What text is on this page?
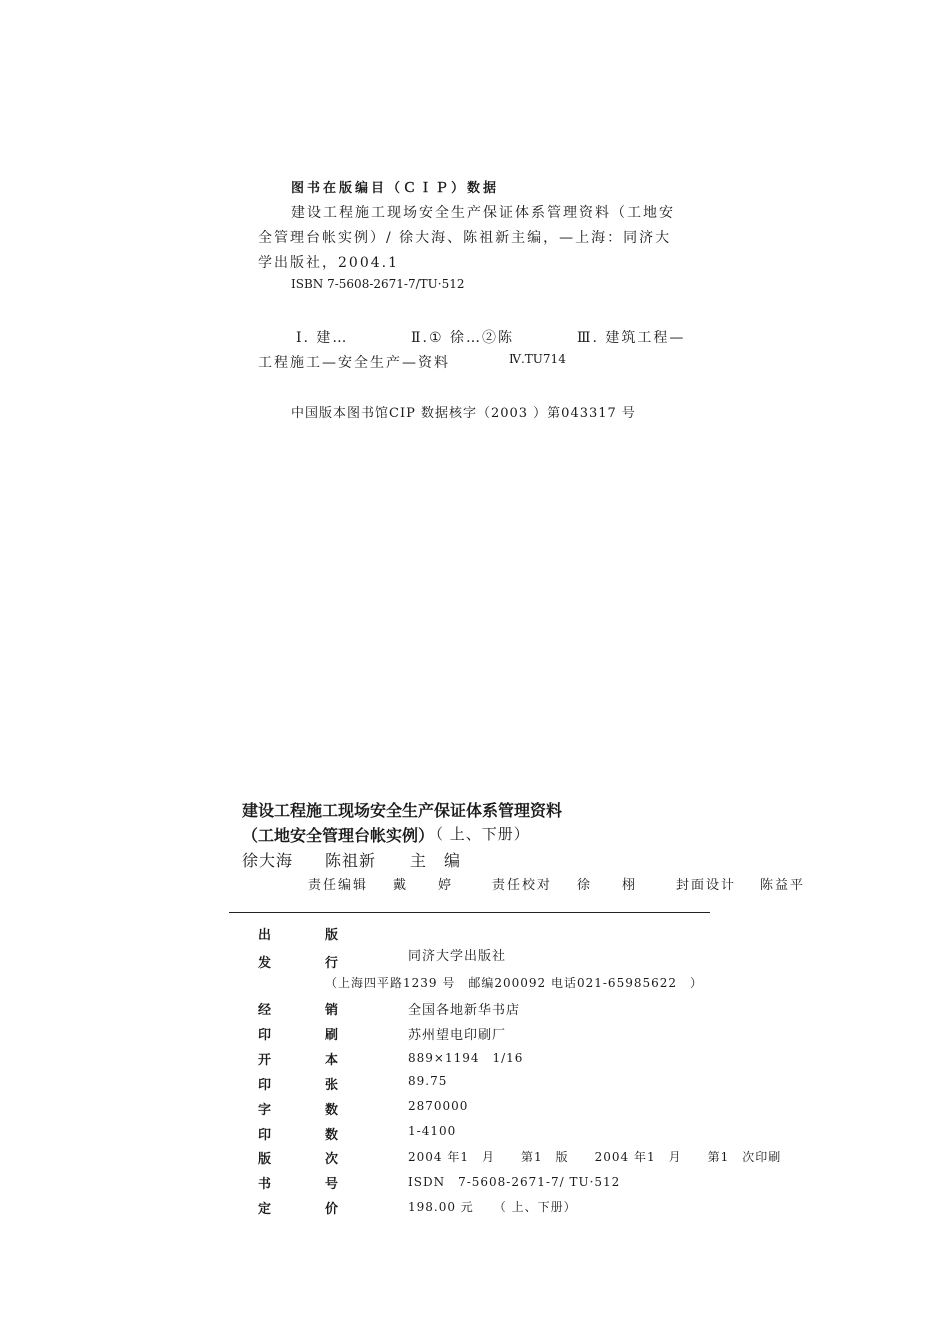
图书在版编目（ＣＩＰ）数据
建设工程施工现场安全生产保证体系管理资料（工地安
全管理台帐实例）/ 徐大海、陈祖新主编，—上海：同济大
学出版社，2004.1
ISBN 7-5608-2671-7/TU·512
Ⅰ. 建…	Ⅱ.① 徐…②陈	Ⅲ. 建筑工程—
工程施工—安全生产—资料	Ⅳ.TU714
中国版本图书馆CIP 数据核字（2003 ）第043317 号
建设工程施工现场安全生产保证体系管理资料
（工地安全管理台帐实例）
（ 上、下册）
徐大海 陈祖新 主　编
责任编辑 戴　　婷	责任校对 徐　　栩	封面设计 陈益平
出	版
发	行	同济大学出版社
（上海四平路1239 号　邮编200092 电话021-65985622　）
经	销	全国各地新华书店
印	刷	苏州望电印刷厂
开	本	889×1194　1/16
印	张	89.75
字	数	2870000
印	数	1-4100
版	次	2004 年1　月　　第1　版　　2004 年1　月　　第1　次印刷
书	号	ISDN　7-5608-2671-7/ TU·512
定	价	198.00 元　　（ 上、下册）
